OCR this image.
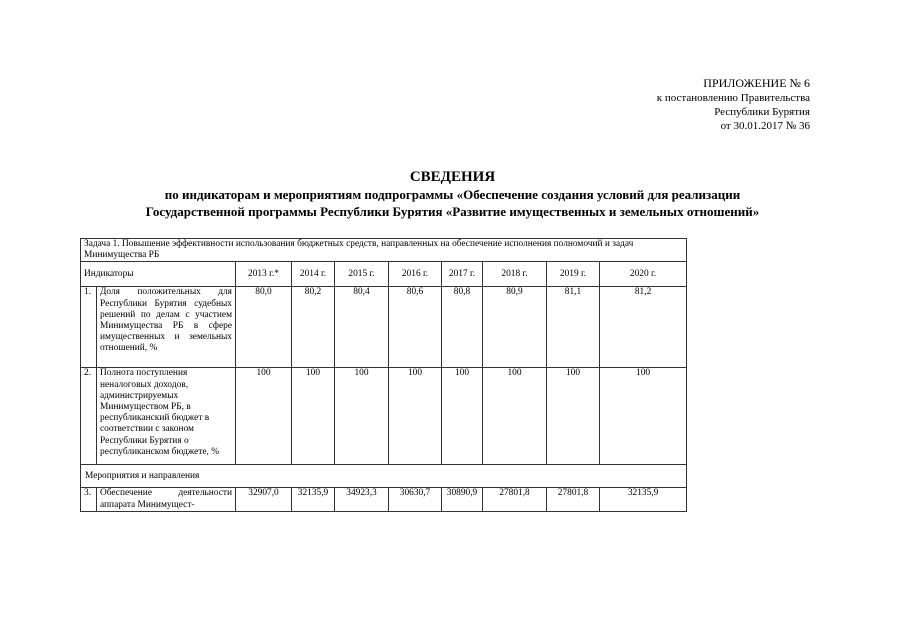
ПРИЛОЖЕНИЕ № 6
к постановлению Правительства
Республики Бурятия
от 30.01.2017 № 36
СВЕДЕНИЯ
по индикаторам и мероприятиям подпрограммы «Обеспечение создания условий для реализации
Государственной программы Республики Бурятия «Развитие имущественных и земельных отношений»
Задача 1. Повышение эффективности использования бюджетных средств, направленных на обеспечение исполнения полномочий и задач Минимущества РБ									
Индикаторы		2013 г.*	2014 г.	2015 г.	2016 г.	2017 г.	2018 г.	2019 г.	2020 г.
1.	Доля положительных для Республики Бурятия судебных решений по делам с участием Минимущества РБ в сфере имущественных и земельных отношений, %	80,0	80,2	80,4	80,6	80,8	80,9	81,1	81,2
2.	Полнота поступления неналоговых доходов, администрируемых Минимуществом РБ, в республиканский бюджет в соответствии с законом Республики Бурятия о республиканском бюджете, %	100	100	100	100	100	100	100	100
Мероприятия и направления									
3.	Обеспечение деятельности аппарата Минимущест-	32907,0	32135,9	34923,3	30630,7	30890,9	27801,8	27801,8	32135,9
